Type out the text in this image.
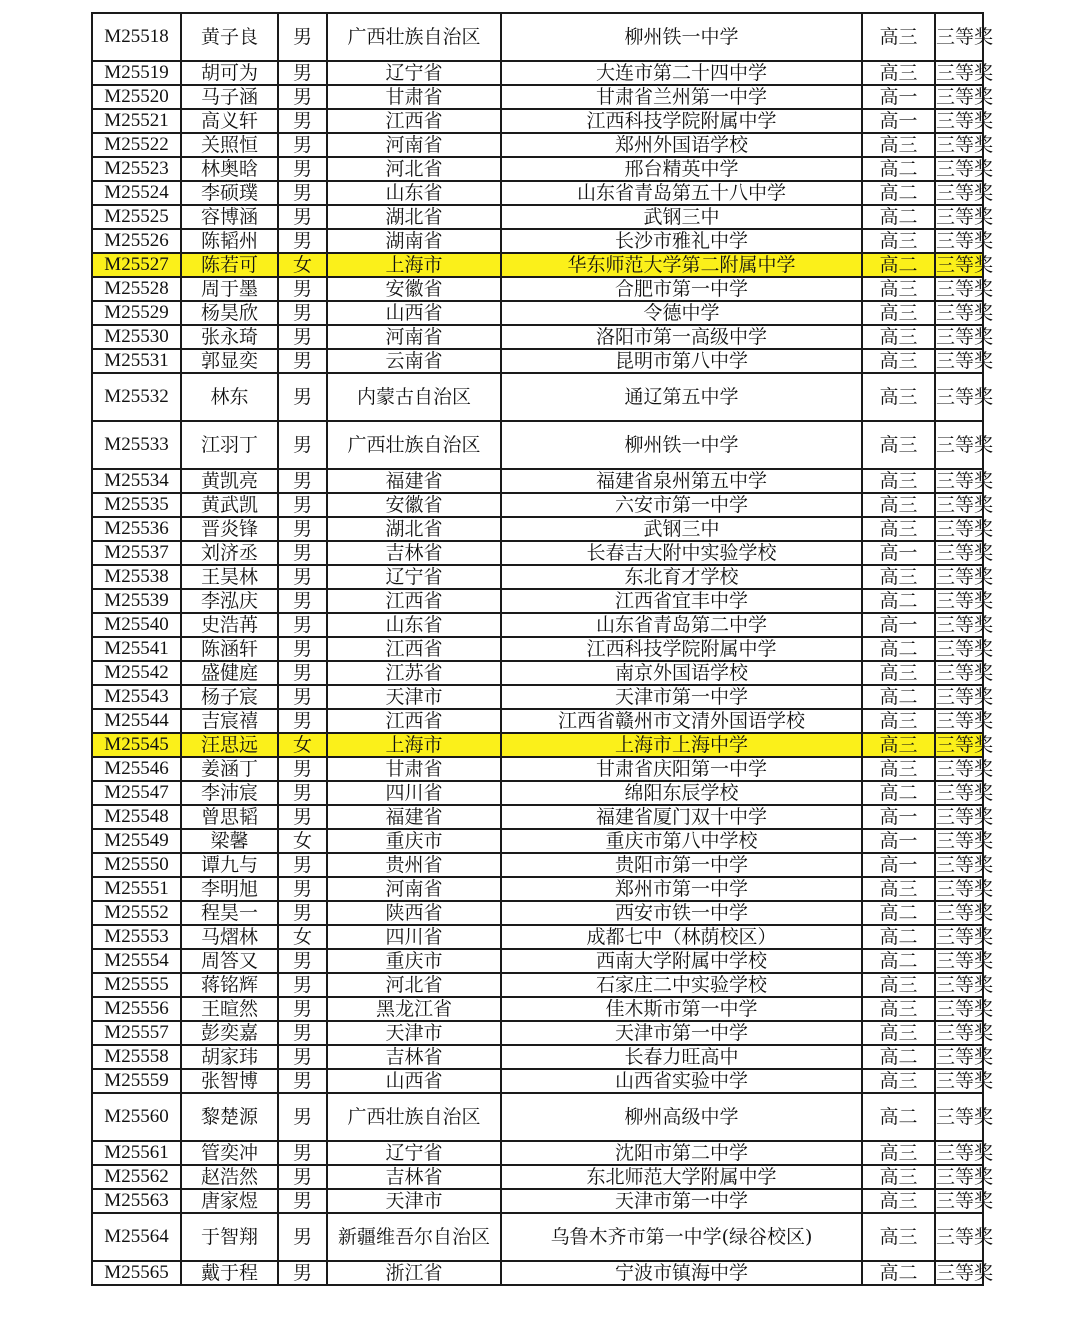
M25518	黄子良	男	广西壮族自治区	柳州铁一中学	高三	三等奖
M25519	胡可为	男	辽宁省	大连市第二十四中学	高三	三等奖
M25520	马子涵	男	甘肃省	甘肃省兰州第一中学	高一	三等奖
M25521	高义轩	男	江西省	江西科技学院附属中学	高一	三等奖
M25522	关照恒	男	河南省	郑州外国语学校	高三	三等奖
M25523	林奥晗	男	河北省	邢台精英中学	高二	三等奖
M25524	李硕璞	男	山东省	山东省青岛第五十八中学	高二	三等奖
M25525	容博涵	男	湖北省	武钢三中	高二	三等奖
M25526	陈韬州	男	湖南省	长沙市雅礼中学	高三	三等奖
M25527	陈若可	女	上海市	华东师范大学第二附属中学	高二	三等奖
M25528	周于墨	男	安徽省	合肥市第一中学	高三	三等奖
M25529	杨昊欣	男	山西省	令德中学	高三	三等奖
M25530	张永琦	男	河南省	洛阳市第一高级中学	高三	三等奖
M25531	郭显奕	男	云南省	昆明市第八中学	高三	三等奖
M25532	林东	男	内蒙古自治区	通辽第五中学	高三	三等奖
M25533	江羽丁	男	广西壮族自治区	柳州铁一中学	高三	三等奖
M25534	黄凯亮	男	福建省	福建省泉州第五中学	高三	三等奖
M25535	黄武凯	男	安徽省	六安市第一中学	高三	三等奖
M25536	晋炎锋	男	湖北省	武钢三中	高三	三等奖
M25537	刘济丞	男	吉林省	长春吉大附中实验学校	高一	三等奖
M25538	王昊林	男	辽宁省	东北育才学校	高三	三等奖
M25539	李泓庆	男	江西省	江西省宜丰中学	高二	三等奖
M25540	史浩苒	男	山东省	山东省青岛第二中学	高一	三等奖
M25541	陈涵轩	男	江西省	江西科技学院附属中学	高二	三等奖
M25542	盛健庭	男	江苏省	南京外国语学校	高三	三等奖
M25543	杨子宸	男	天津市	天津市第一中学	高二	三等奖
M25544	吉宸禧	男	江西省	江西省赣州市文清外国语学校	高三	三等奖
M25545	汪思远	女	上海市	上海市上海中学	高三	三等奖
M25546	姜涵丁	男	甘肃省	甘肃省庆阳第一中学	高三	三等奖
M25547	李沛宸	男	四川省	绵阳东辰学校	高二	三等奖
M25548	曾思韬	男	福建省	福建省厦门双十中学	高一	三等奖
M25549	梁馨	女	重庆市	重庆市第八中学校	高一	三等奖
M25550	谭九与	男	贵州省	贵阳市第一中学	高一	三等奖
M25551	李明旭	男	河南省	郑州市第一中学	高三	三等奖
M25552	程昊一	男	陕西省	西安市铁一中学	高二	三等奖
M25553	马熠林	女	四川省	成都七中（林荫校区）	高二	三等奖
M25554	周答又	男	重庆市	西南大学附属中学校	高二	三等奖
M25555	蒋铭辉	男	河北省	石家庄二中实验学校	高三	三等奖
M25556	王暄然	男	黑龙江省	佳木斯市第一中学	高三	三等奖
M25557	彭奕嘉	男	天津市	天津市第一中学	高三	三等奖
M25558	胡家玮	男	吉林省	长春力旺高中	高二	三等奖
M25559	张智博	男	山西省	山西省实验中学	高三	三等奖
M25560	黎楚源	男	广西壮族自治区	柳州高级中学	高二	三等奖
M25561	管奕冲	男	辽宁省	沈阳市第二中学	高三	三等奖
M25562	赵浩然	男	吉林省	东北师范大学附属中学	高三	三等奖
M25563	唐家煜	男	天津市	天津市第一中学	高三	三等奖
M25564	于智翔	男	新疆维吾尔自治区	乌鲁木齐市第一中学(绿谷校区)	高三	三等奖
M25565	戴于程	男	浙江省	宁波市镇海中学	高二	三等奖
